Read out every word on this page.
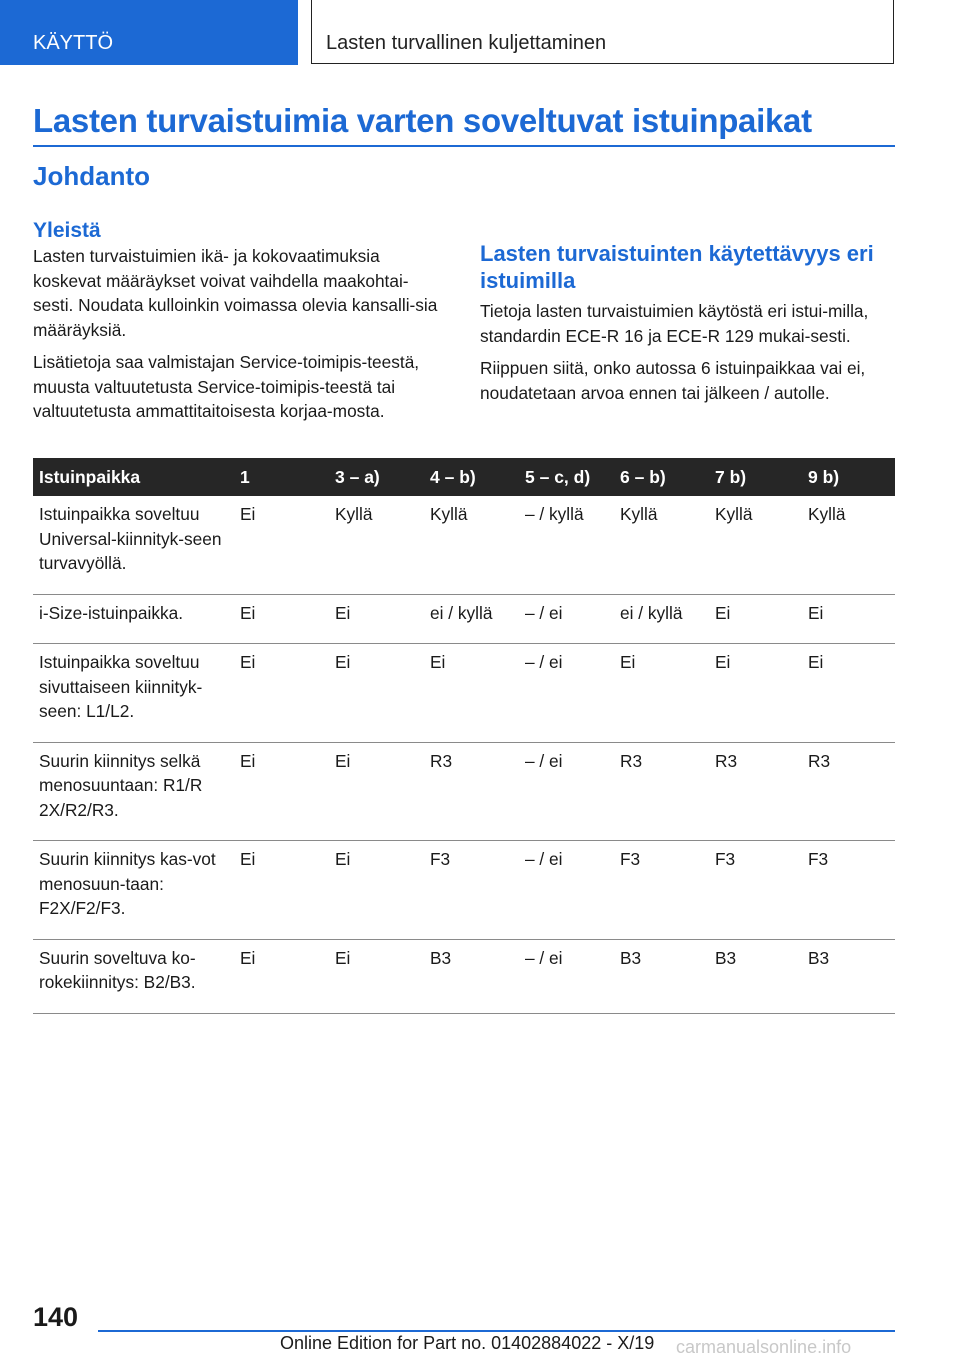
KÄYTTÖ	Lasten turvallinen kuljettaminen
Lasten turvaistuimia varten soveltuvat istuinpaikat
Johdanto
Yleistä

Lasten turvaistuimien ikä- ja kokovaatimuksia koskevat määräykset voivat vaihdella maakohtai-sesti. Noudata kulloinkin voimassa olevia kansalli-sia määräyksiä.

Lisätietoja saa valmistajan Service-toimipis-teestä, muusta valtuutetusta Service-toimipis-teestä tai valtuutetusta ammattitaitoisesta korjaa-mosta.

Lasten turvaistuinten käytettävyys eri istuimilla

Tietoja lasten turvaistuimien käytöstä eri istui-milla, standardin ECE-R 16 ja ECE-R 129 mukai-sesti.

Riippuen siitä, onko autossa 6 istuinpaikkaa vai ei, noudatetaan arvoa ennen tai jälkeen / autolle.

Istuinpaikka	1	3 – a)	4 – b)	5 – c, d)	6 – b)	7 b)	9 b)
Istuinpaikka soveltuu Universal-kiinnityk-seen turvavyöllä.	Ei	Kyllä	Kyllä	– / kyllä	Kyllä	Kyllä	Kyllä
i-Size-istuinpaikka.	Ei	Ei	ei / kyllä	– / ei	ei / kyllä	Ei	Ei
Istuinpaikka soveltuu sivuttaiseen kiinnityk-seen: L1/L2.	Ei	Ei	Ei	– / ei	Ei	Ei	Ei
Suurin kiinnitys selkä menosuuntaan: R1/R 2X/R2/R3.	Ei	Ei	R3	– / ei	R3	R3	R3
Suurin kiinnitys kas-vot menosuun-taan: F2X/F2/F3.	Ei	Ei	F3	– / ei	F3	F3	F3
Suurin soveltuva ko-rokekiinnitys: B2/B3.	Ei	Ei	B3	– / ei	B3	B3	B3
140
Online Edition for Part no. 01402884022 - X/19 carmanualsonline.info
